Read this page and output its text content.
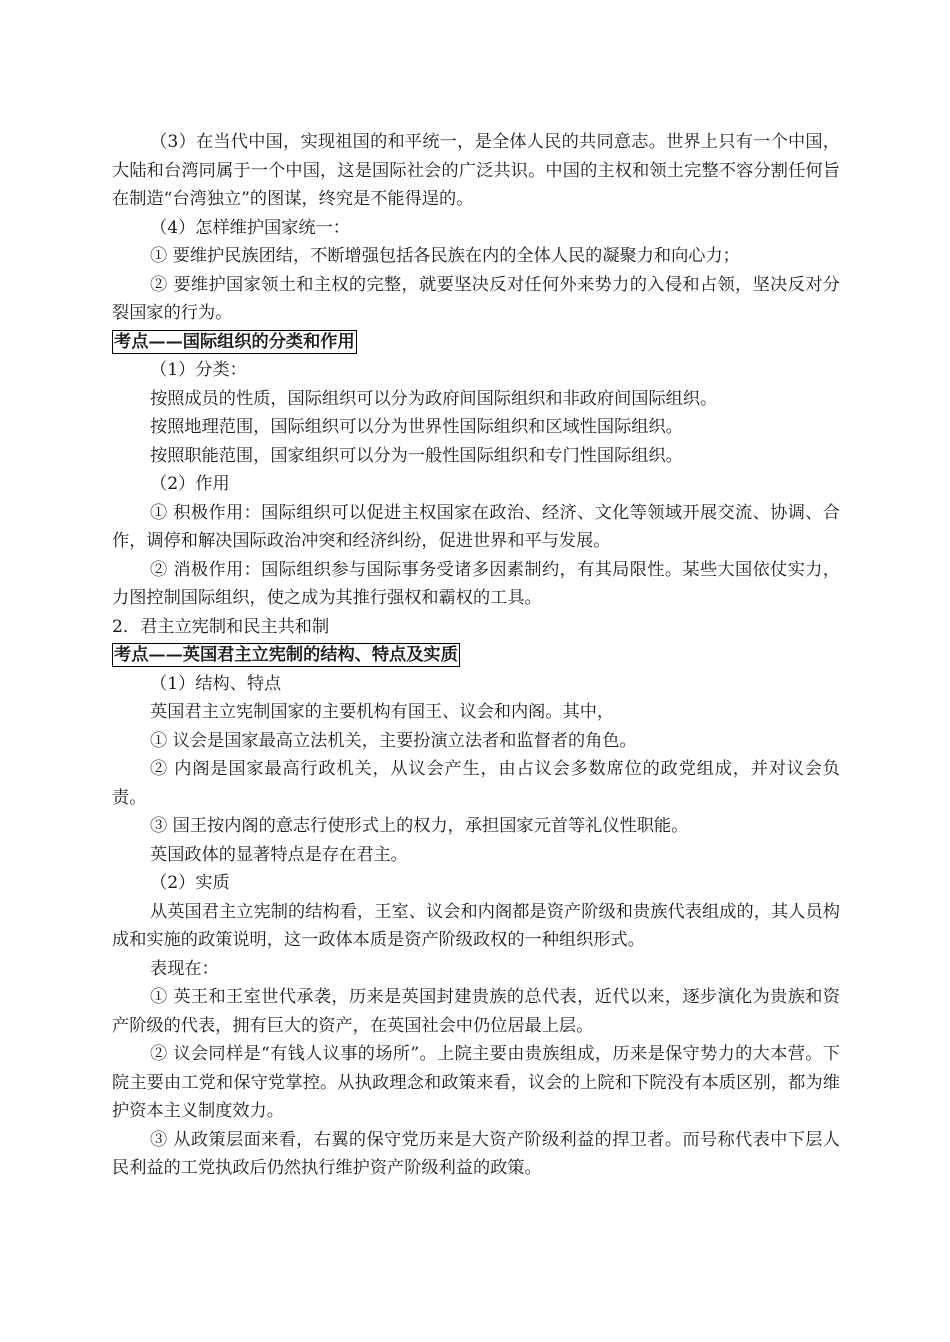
（3）在当代中国，实现祖国的和平统一，是全体人民的共同意志。世界上只有一个中国，大陆和台湾同属于一个中国，这是国际社会的广泛共识。中国的主权和领土完整不容分割任何旨在制造“台湾独立”的图谋，终究是不能得逞的。

（4）怎样维护国家统一：

① 要维护民族团结，不断增强包括各民族在内的全体人民的凝聚力和向心力；

② 要维护国家领土和主权的完整，就要坚决反对任何外来势力的入侵和占领，坚决反对分裂国家的行为。

考点——国际组织的分类和作用

（1）分类：

按照成员的性质，国际组织可以分为政府间国际组织和非政府间国际组织。

按照地理范围，国际组织可以分为世界性国际组织和区域性国际组织。

按照职能范围，国家组织可以分为一般性国际组织和专门性国际组织。

（2）作用

① 积极作用：国际组织可以促进主权国家在政治、经济、文化等领域开展交流、协调、合作，调停和解决国际政治冲突和经济纠纷，促进世界和平与发展。

② 消极作用：国际组织参与国际事务受诸多因素制约，有其局限性。某些大国依仗实力，力图控制国际组织，使之成为其推行强权和霸权的工具。

2．君主立宪制和民主共和制

考点——英国君主立宪制的结构、特点及实质

（1）结构、特点

英国君主立宪制国家的主要机构有国王、议会和内阁。其中，

① 议会是国家最高立法机关，主要扮演立法者和监督者的角色。

② 内阁是国家最高行政机关，从议会产生，由占议会多数席位的政党组成，并对议会负责。

③ 国王按内阁的意志行使形式上的权力，承担国家元首等礼仪性职能。

英国政体的显著特点是存在君主。

（2）实质

从英国君主立宪制的结构看，王室、议会和内阁都是资产阶级和贵族代表组成的，其人员构成和实施的政策说明，这一政体本质是资产阶级政权的一种组织形式。

表现在：

① 英王和王室世代承袭，历来是英国封建贵族的总代表，近代以来，逐步演化为贵族和资产阶级的代表，拥有巨大的资产，在英国社会中仍位居最上层。

② 议会同样是“有钱人议事的场所”。上院主要由贵族组成，历来是保守势力的大本营。下院主要由工党和保守党掌控。从执政理念和政策来看，议会的上院和下院没有本质区别，都为维护资本主义制度效力。

③ 从政策层面来看，右翼的保守党历来是大资产阶级利益的捍卫者。而号称代表中下层人民利益的工党执政后仍然执行维护资产阶级利益的政策。
